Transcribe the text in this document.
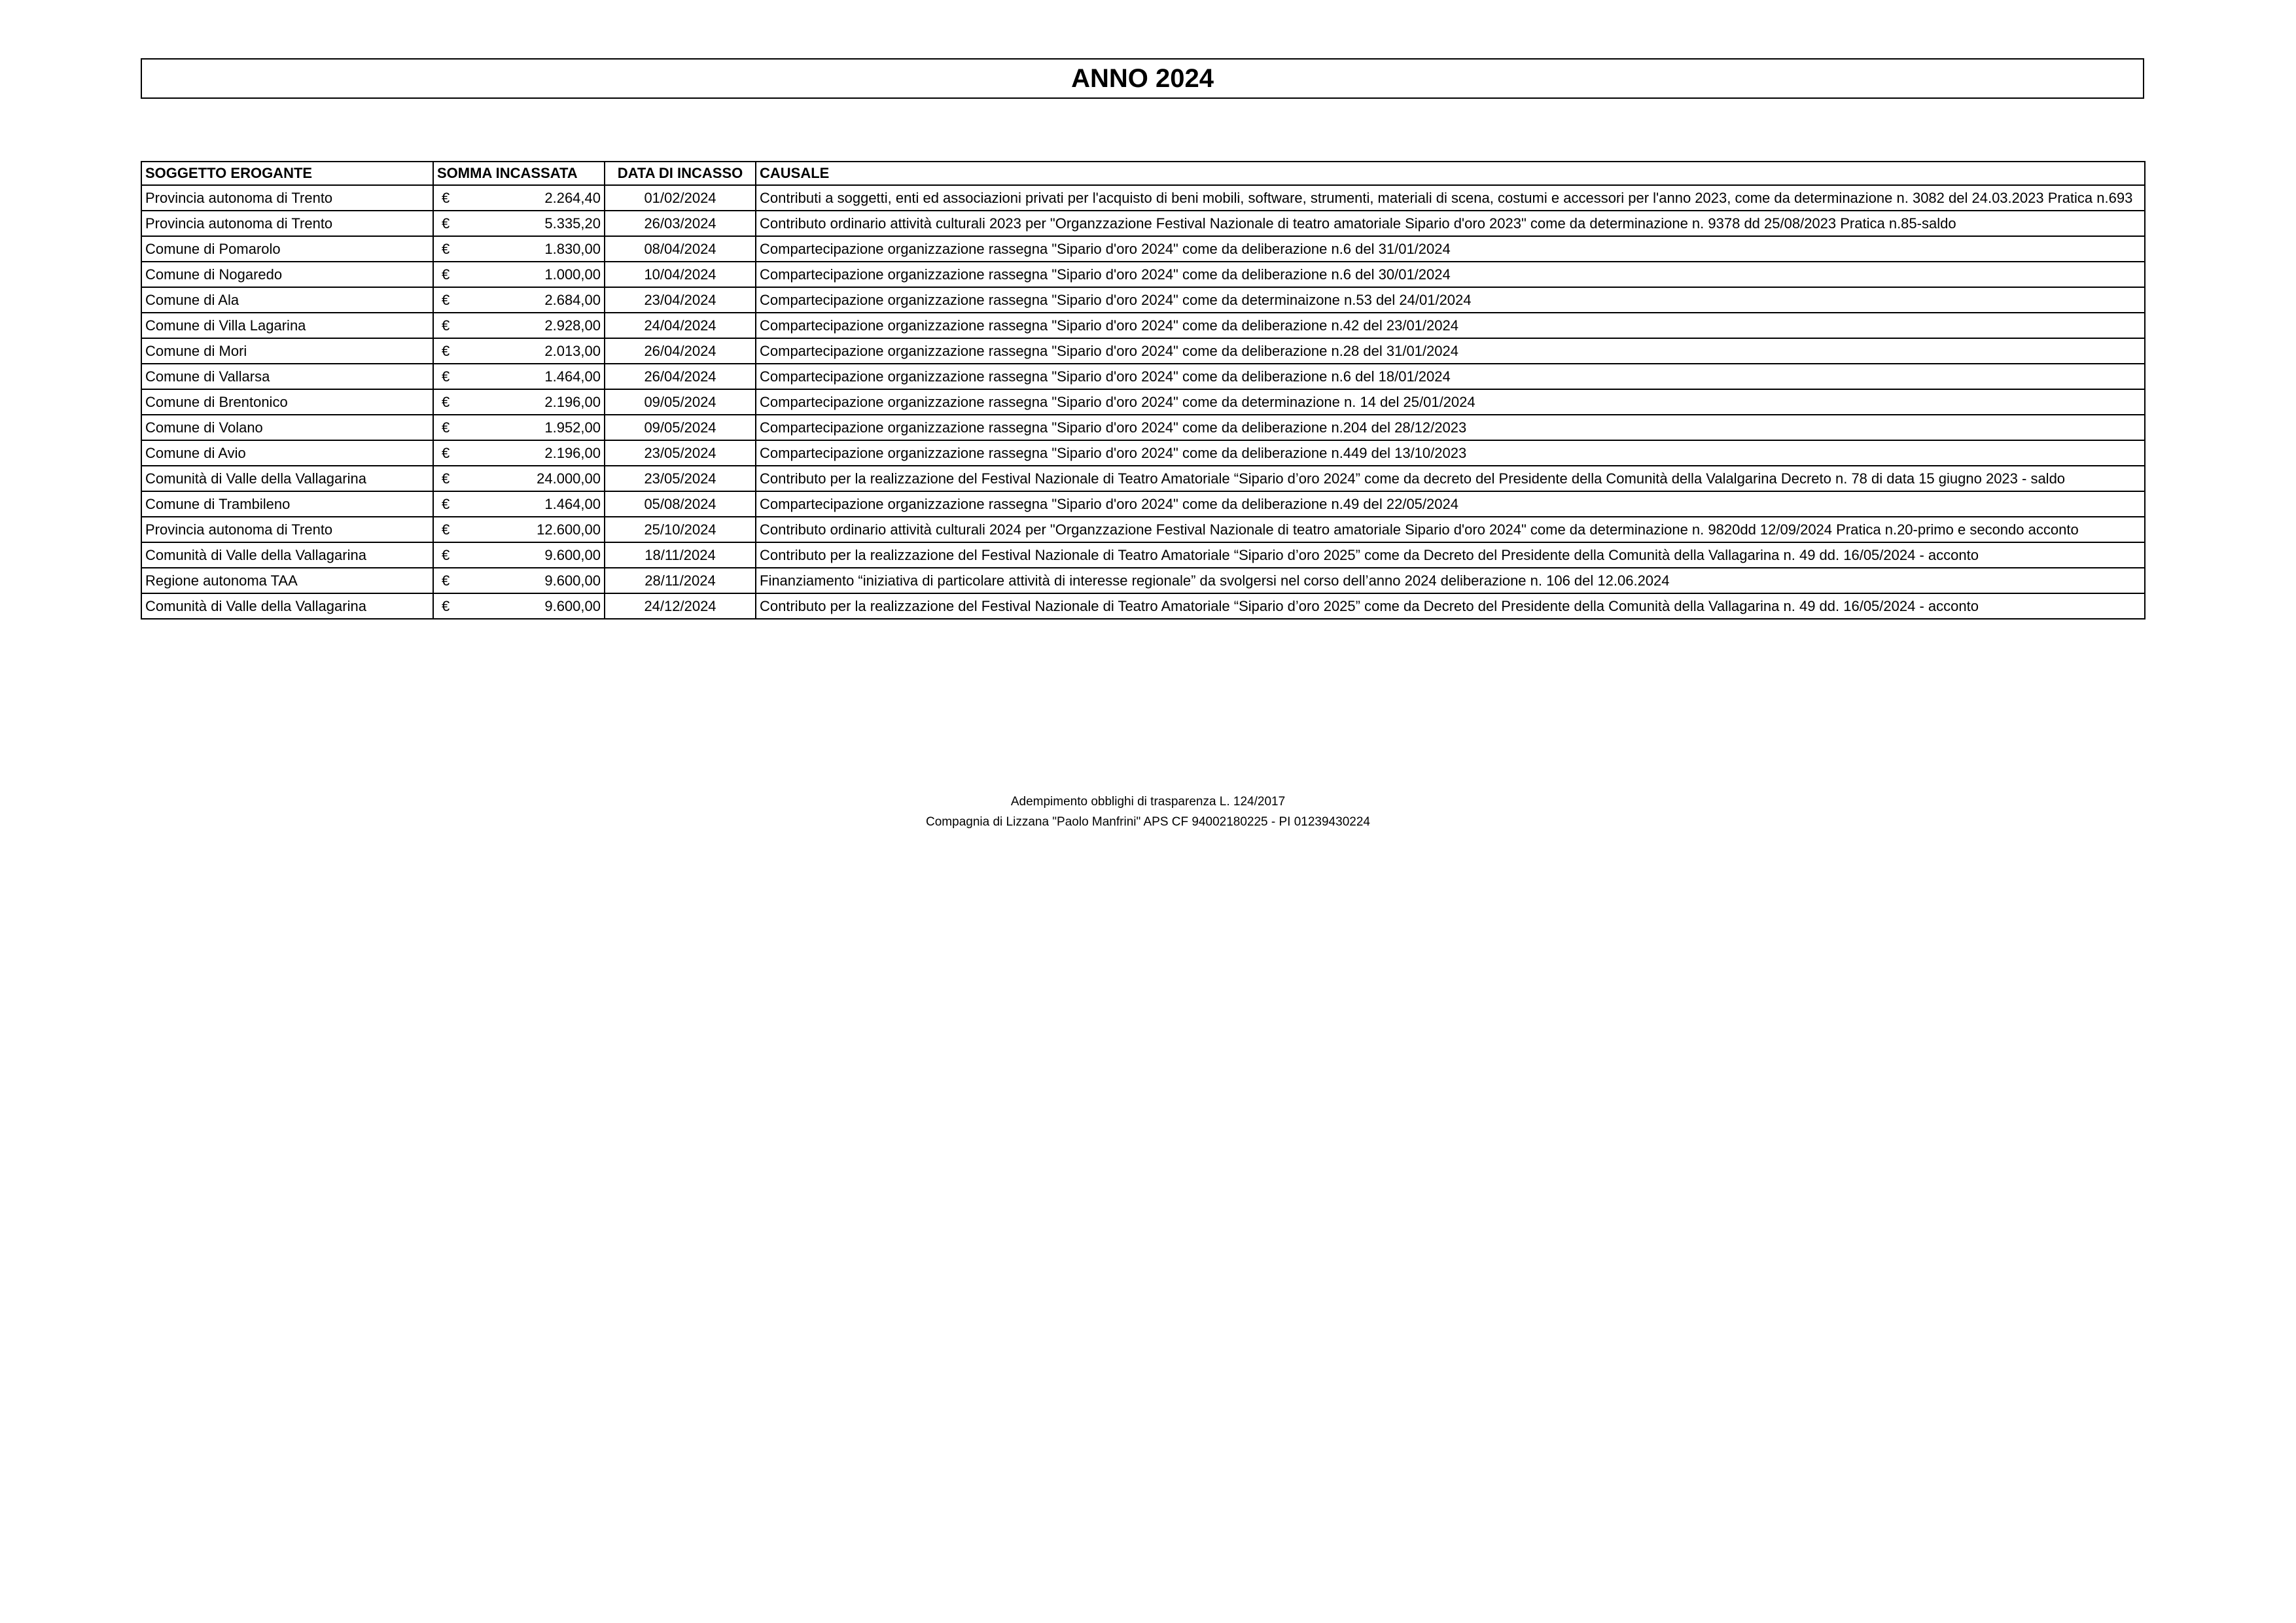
ANNO 2024
SOGGETTO EROGANTE	SOMMA INCASSATA	DATA DI INCASSO	CAUSALE
Provincia autonoma di Trento	€ 2.264,40	01/02/2024	Contributi a soggetti, enti ed associazioni privati per l'acquisto di beni mobili, software, strumenti, materiali di scena, costumi e accessori per l'anno 2023, come da determinazione n. 3082 del 24.03.2023 Pratica n.693
Provincia autonoma di Trento	€ 5.335,20	26/03/2024	Contributo ordinario attività culturali 2023 per "Organzzazione Festival Nazionale di teatro amatoriale Sipario d'oro 2023" come da determinazione n. 9378 dd 25/08/2023 Pratica n.85-saldo
Comune di Pomarolo	€ 1.830,00	08/04/2024	Compartecipazione organizzazione rassegna "Sipario d'oro 2024" come da deliberazione n.6 del 31/01/2024
Comune di Nogaredo	€ 1.000,00	10/04/2024	Compartecipazione organizzazione rassegna "Sipario d'oro 2024" come da deliberazione n.6 del 30/01/2024
Comune di Ala	€ 2.684,00	23/04/2024	Compartecipazione organizzazione rassegna "Sipario d'oro 2024" come da determinaizone n.53 del 24/01/2024
Comune di Villa Lagarina	€ 2.928,00	24/04/2024	Compartecipazione organizzazione rassegna "Sipario d'oro 2024" come da deliberazione n.42 del 23/01/2024
Comune di Mori	€ 2.013,00	26/04/2024	Compartecipazione organizzazione rassegna "Sipario d'oro 2024" come da deliberazione n.28 del 31/01/2024
Comune di Vallarsa	€ 1.464,00	26/04/2024	Compartecipazione organizzazione rassegna "Sipario d'oro 2024" come da deliberazione n.6 del 18/01/2024
Comune di Brentonico	€ 2.196,00	09/05/2024	Compartecipazione organizzazione rassegna "Sipario d'oro 2024" come da determinazione n. 14 del 25/01/2024
Comune di Volano	€ 1.952,00	09/05/2024	Compartecipazione organizzazione rassegna "Sipario d'oro 2024" come da deliberazione n.204 del 28/12/2023
Comune di Avio	€ 2.196,00	23/05/2024	Compartecipazione organizzazione rassegna "Sipario d'oro 2024" come da deliberazione n.449 del 13/10/2023
Comunità di Valle della Vallagarina	€ 24.000,00	23/05/2024	Contributo per la realizzazione del Festival Nazionale di Teatro Amatoriale “Sipario d’oro 2024” come da decreto del Presidente della Comunità della Valalgarina Decreto n. 78 di data 15 giugno 2023 - saldo
Comune di Trambileno	€ 1.464,00	05/08/2024	Compartecipazione organizzazione rassegna "Sipario d'oro 2024" come da deliberazione n.49 del 22/05/2024
Provincia autonoma di Trento	€ 12.600,00	25/10/2024	Contributo ordinario attività culturali 2024 per "Organzzazione Festival Nazionale di teatro amatoriale Sipario d'oro 2024" come da determinazione n. 9820dd 12/09/2024 Pratica n.20-primo e secondo acconto
Comunità di Valle della Vallagarina	€ 9.600,00	18/11/2024	Contributo per la realizzazione del Festival Nazionale di Teatro Amatoriale “Sipario d’oro 2025” come da Decreto del Presidente della Comunità della Vallagarina n. 49 dd. 16/05/2024 - acconto
Regione autonoma TAA	€ 9.600,00	28/11/2024	Finanziamento “iniziativa di particolare attività di interesse regionale” da svolgersi nel corso dell’anno 2024 deliberazione n. 106 del 12.06.2024
Comunità di Valle della Vallagarina	€ 9.600,00	24/12/2024	Contributo per la realizzazione del Festival Nazionale di Teatro Amatoriale “Sipario d’oro 2025” come da Decreto del Presidente della Comunità della Vallagarina n. 49 dd. 16/05/2024 - acconto
Adempimento obblighi di trasparenza L. 124/2017
Compagnia di Lizzana "Paolo Manfrini" APS CF 94002180225 - PI 01239430224
